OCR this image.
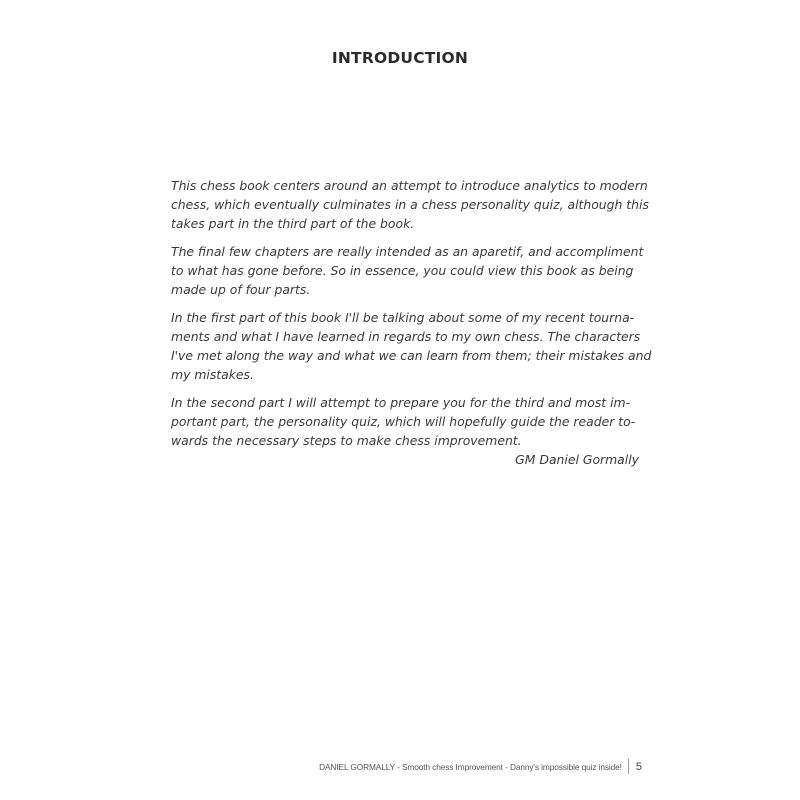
INTRODUCTION

This chess book centers around an attempt to introduce analytics to modern
chess, which eventually culminates in a chess personality quiz, although this
takes part in the third part of the book.

The final few chapters are really intended as an aparetif, and accompliment
to what has gone before. So in essence, you could view this book as being
made up of four parts.

In the first part of this book I'll be talking about some of my recent tourna-
ments and what I have learned in regards to my own chess. The characters
I've met along the way and what we can learn from them; their mistakes and
my mistakes.

In the second part I will attempt to prepare you for the third and most im-
portant part, the personality quiz, which will hopefully guide the reader to-
wards the necessary steps to make chess improvement.

GM Daniel Gormally

DANIEL GORMALLY - Smooth chess Improvement - Danny's impossible quiz inside! 5
